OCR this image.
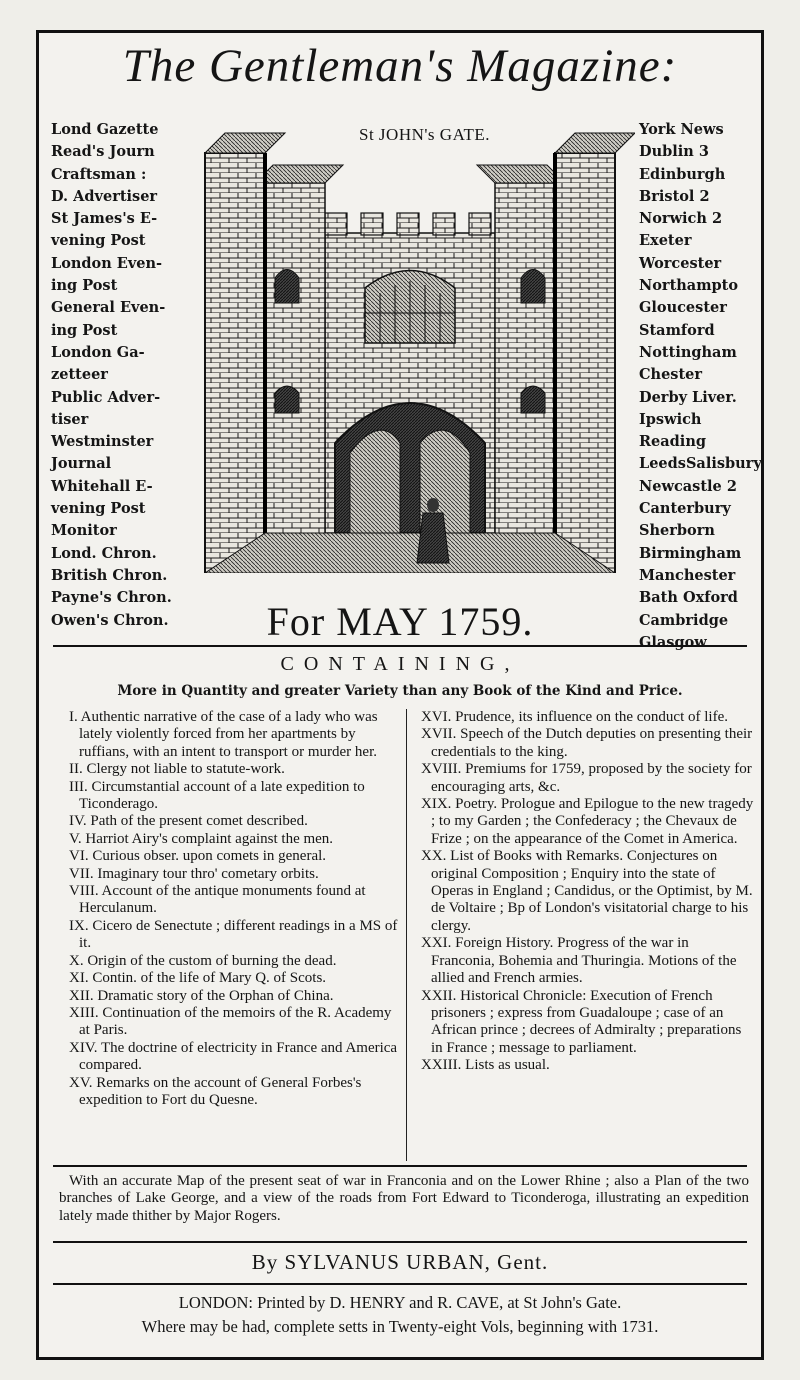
The Gentleman's Magazine:
Lond Gazette
Read's Journ
Craftsman :
D. Advertiser
St James's E-
vening Post
London Even-
ing Post
General Even-
ing Post
London Ga-
zetteer
Public Adver-
tiser
Westminster
Journal
Whitehall E-
vening Post
Monitor
Lond. Chron.
British Chron.
Payne's Chron.
Owen's Chron.
St JOHN's GATE.	York News
Dublin 3
Edinburgh
Bristol 2
Norwich 2
Exeter
Worcester
Northampto
Gloucester
Stamford
Nottingham
Chester
Derby Liver.
Ipswich
Reading
LeedsSalisbury
Newcastle 2
Canterbury
Sherborn
Birmingham
Manchester
Bath Oxford
Cambridge
Glasgow
For MAY 1759.
CONTAINING,
More in Quantity and greater Variety than any Book of the Kind and Price.
I. Authentic narrative of the case of a lady who was lately violently forced from her apartments by ruffians, with an intent to transport or murder her.
II. Clergy not liable to statute-work.
III. Circumstantial account of a late expedition to Ticonderago.
IV. Path of the present comet described.
V. Harriot Airy's complaint against the men.
VI. Curious obser. upon comets in general.
VII. Imaginary tour thro' cometary orbits.
VIII. Account of the antique monuments found at Herculanum.
IX. Cicero de Senectute ; different readings in a MS of it.
X. Origin of the custom of burning the dead.
XI. Contin. of the life of Mary Q. of Scots.
XII. Dramatic story of the Orphan of China.
XIII. Continuation of the memoirs of the R. Academy at Paris.
XIV. The doctrine of electricity in France and America compared.
XV. Remarks on the account of General Forbes's expedition to Fort du Quesne.
XVI. Prudence, its influence on the conduct of life.
XVII. Speech of the Dutch deputies on presenting their credentials to the king.
XVIII. Premiums for 1759, proposed by the society for encouraging arts, &c.
XIX. Poetry. Prologue and Epilogue to the new tragedy ; to my Garden ; the Confederacy ; the Chevaux de Frize ; on the appearance of the Comet in America.
XX. List of Books with Remarks. Conjectures on original Composition ; Enquiry into the state of Operas in England ; Candidus, or the Optimist, by M. de Voltaire ; Bp of London's visitatorial charge to his clergy.
XXI. Foreign History. Progress of the war in Franconia, Bohemia and Thuringia. Motions of the allied and French armies.
XXII. Historical Chronicle: Execution of French prisoners ; express from Guadaloupe ; case of an African prince ; decrees of Admiralty ; preparations in France ; message to parliament.
XXIII. Lists as usual.
With an accurate Map of the present seat of war in Franconia and on the Lower Rhine ; also a Plan of the two branches of Lake George, and a view of the roads from Fort Edward to Ticonderoga, illustrating an expedition lately made thither by Major Rogers.
By SYLVANUS URBAN, Gent.
LONDON: Printed by D. HENRY and R. CAVE, at St John's Gate.
Where may be had, complete setts in Twenty-eight Vols, beginning with 1731.
